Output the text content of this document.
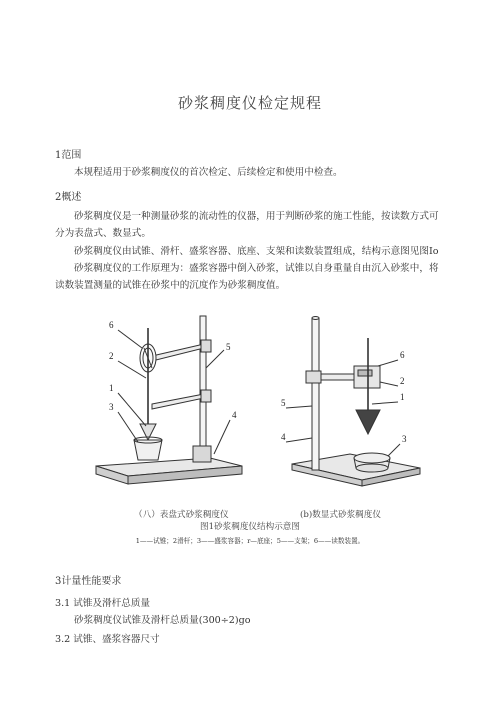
砂浆稠度仪检定规程
1范围
本规程适用于砂浆稠度仪的首次检定、后续检定和使用中检查。
2概述
砂浆稠度仪是一种测量砂浆的流动性的仪器，用于判断砂浆的施工性能，按读数方式可
分为表盘式、数显式。
砂浆稠度仪由试锥、滑杆、盛浆容器、底座、支架和读数装置组成，结构示意图见图Io
砂浆稠度仪的工作原理为：盛浆容器中倒入砂浆，试锥以自身重量自由沉入砂浆中，将
读数装置测量的试锥在砂浆中的沉度作为砂浆稠度值。
6
2
1
3
5
4
6
2
1
5
4	3
（八）表盘式砂浆稠度仪	(b)数显式砂浆稠度仪
图1砂浆稠度仪结构示意图
1——试锥；2滑杆；3——盛浆容器；r—底座；5——支架；6——读数装置。
3计量性能要求
3.1 试锥及滑杆总质量
砂浆稠度仪试锥及滑杆总质量(300÷2)go
3.2 试锥、盛浆容器尺寸
